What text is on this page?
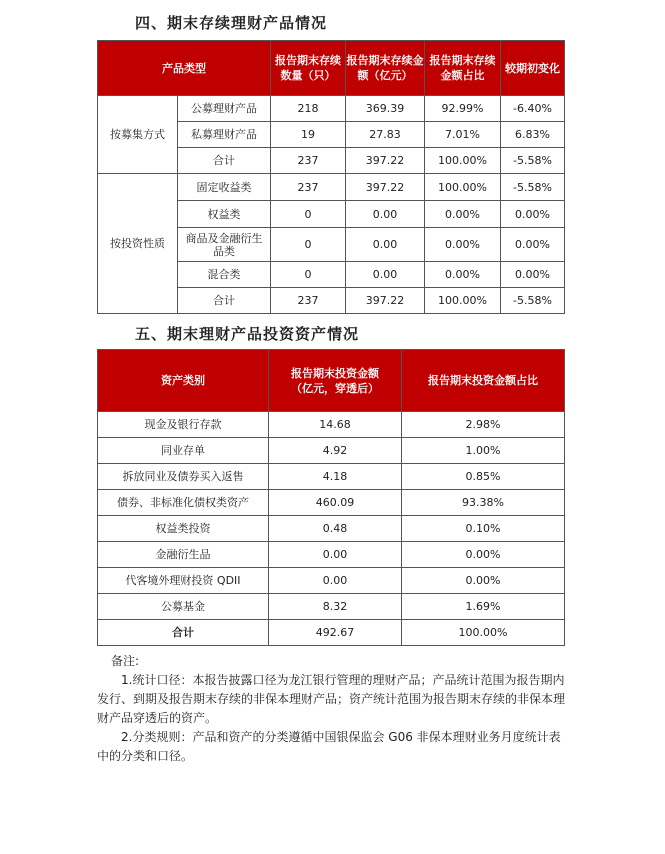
四、期末存续理财产品情况
产品类型		报告期末存续数量（只）	报告期末存续金额（亿元）	报告期末存续金额占比	较期初变化
按募集方式	公募理财产品	218	369.39	92.99%	-6.40%
	私募理财产品	19	27.83	7.01%	6.83%
	合计	237	397.22	100.00%	-5.58%
按投资性质	固定收益类	237	397.22	100.00%	-5.58%
	权益类	0	0.00	0.00%	0.00%
	商品及金融衍生品类	0	0.00	0.00%	0.00%
	混合类	0	0.00	0.00%	0.00%
	合计	237	397.22	100.00%	-5.58%
五、期末理财产品投资资产情况
资产类别	报告期末投资金额（亿元，穿透后）	报告期末投资金额占比
现金及银行存款	14.68	2.98%
同业存单	4.92	1.00%
拆放同业及债券买入返售	4.18	0.85%
债券、非标准化债权类资产	460.09	93.38%
权益类投资	0.48	0.10%
金融衍生品	0.00	0.00%
代客境外理财投资 QDII	0.00	0.00%
公募基金	8.32	1.69%
合计	492.67	100.00%

备注:

1.统计口径：本报告披露口径为龙江银行管理的理财产品；产品统计范围为报告期内发行、到期及报告期末存续的非保本理财产品；资产统计范围为报告期末存续的非保本理财产品穿透后的资产。

2.分类规则：产品和资产的分类遵循中国银保监会 G06 非保本理财业务月度统计表中的分类和口径。
